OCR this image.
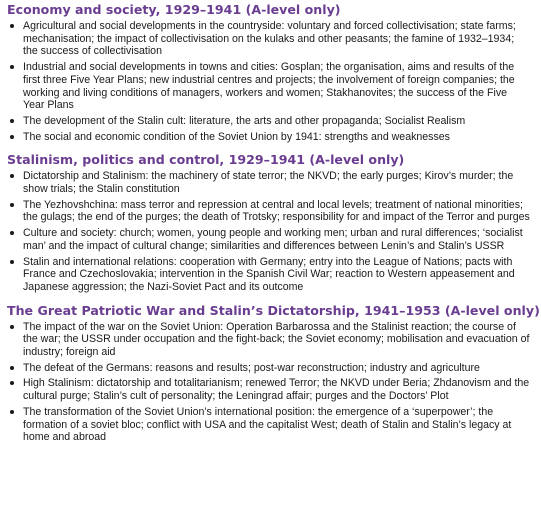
Economy and society, 1929–1941 (A-level only)
Agricultural and social developments in the countryside: voluntary and forced collectivisation; state farms; mechanisation; the impact of collectivisation on the kulaks and other peasants; the famine of 1932–1934; the success of collectivisation
Industrial and social developments in towns and cities: Gosplan; the organisation, aims and results of the first three Five Year Plans; new industrial centres and projects; the involvement of foreign companies; the working and living conditions of managers, workers and women; Stakhanovites; the success of the Five Year Plans
The development of the Stalin cult: literature, the arts and other propaganda; Socialist Realism
The social and economic condition of the Soviet Union by 1941: strengths and weaknesses
Stalinism, politics and control, 1929–1941 (A-level only)
Dictatorship and Stalinism: the machinery of state terror; the NKVD; the early purges; Kirov’s murder; the show trials; the Stalin constitution
The Yezhovshchina: mass terror and repression at central and local levels; treatment of national minorities; the gulags; the end of the purges; the death of Trotsky; responsibility for and impact of the Terror and purges
Culture and society: church; women, young people and working men; urban and rural differences; ‘socialist man’ and the impact of cultural change; similarities and differences between Lenin’s and Stalin’s USSR
Stalin and international relations: cooperation with Germany; entry into the League of Nations; pacts with France and Czechoslovakia; intervention in the Spanish Civil War; reaction to Western appeasement and Japanese aggression; the Nazi-Soviet Pact and its outcome
The Great Patriotic War and Stalin’s Dictatorship, 1941–1953 (A-level only)
The impact of the war on the Soviet Union: Operation Barbarossa and the Stalinist reaction; the course of the war; the USSR under occupation and the fight-back; the Soviet economy; mobilisation and evacuation of industry; foreign aid
The defeat of the Germans: reasons and results; post-war reconstruction; industry and agriculture
High Stalinism: dictatorship and totalitarianism; renewed Terror; the NKVD under Beria; Zhdanovism and the cultural purge; Stalin’s cult of personality; the Leningrad affair; purges and the Doctors’ Plot
The transformation of the Soviet Union’s international position: the emergence of a ‘superpower’; the formation of a soviet bloc; conflict with USA and the capitalist West; death of Stalin and Stalin’s legacy at home and abroad
